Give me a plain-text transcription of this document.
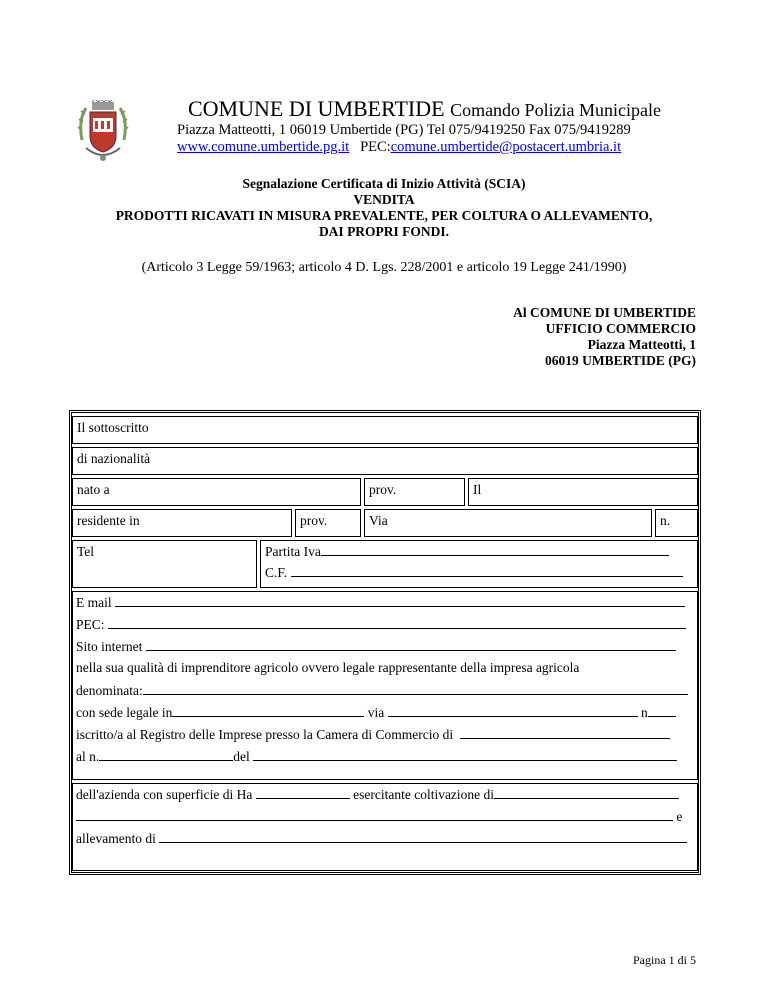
COMUNE DI UMBERTIDE Comando Polizia Municipale
Piazza Matteotti, 1 06019 Umbertide (PG) Tel 075/9419250 Fax 075/9419289
www.comune.umbertide.pg.it PEC:comune.umbertide@postacert.umbria.it
Segnalazione Certificata di Inizio Attività (SCIA)
VENDITA
PRODOTTI RICAVATI IN MISURA PREVALENTE, PER COLTURA O ALLEVAMENTO,
DAI PROPRI FONDI.
(Articolo 3 Legge 59/1963; articolo 4 D. Lgs. 228/2001 e articolo 19 Legge 241/1990)
Al COMUNE DI UMBERTIDE
UFFICIO COMMERCIO
Piazza Matteotti, 1
06019 UMBERTIDE (PG)
Il sottoscritto
di nazionalità
nato a	prov.	Il
residente in	prov.	Via	n.
Tel	Partita Iva
C.F.
E mail
PEC:
Sito internet
nella sua qualità di imprenditore agricolo ovvero legale rappresentante della impresa agricola
denominata:
con sede legale in	via	n
iscritto/a al Registro delle Imprese presso la Camera di Commercio di
al n.	del
dell'azienda con superficie di Ha	esercitante coltivazione di
e
allevamento di
Pagina 1 di 5
